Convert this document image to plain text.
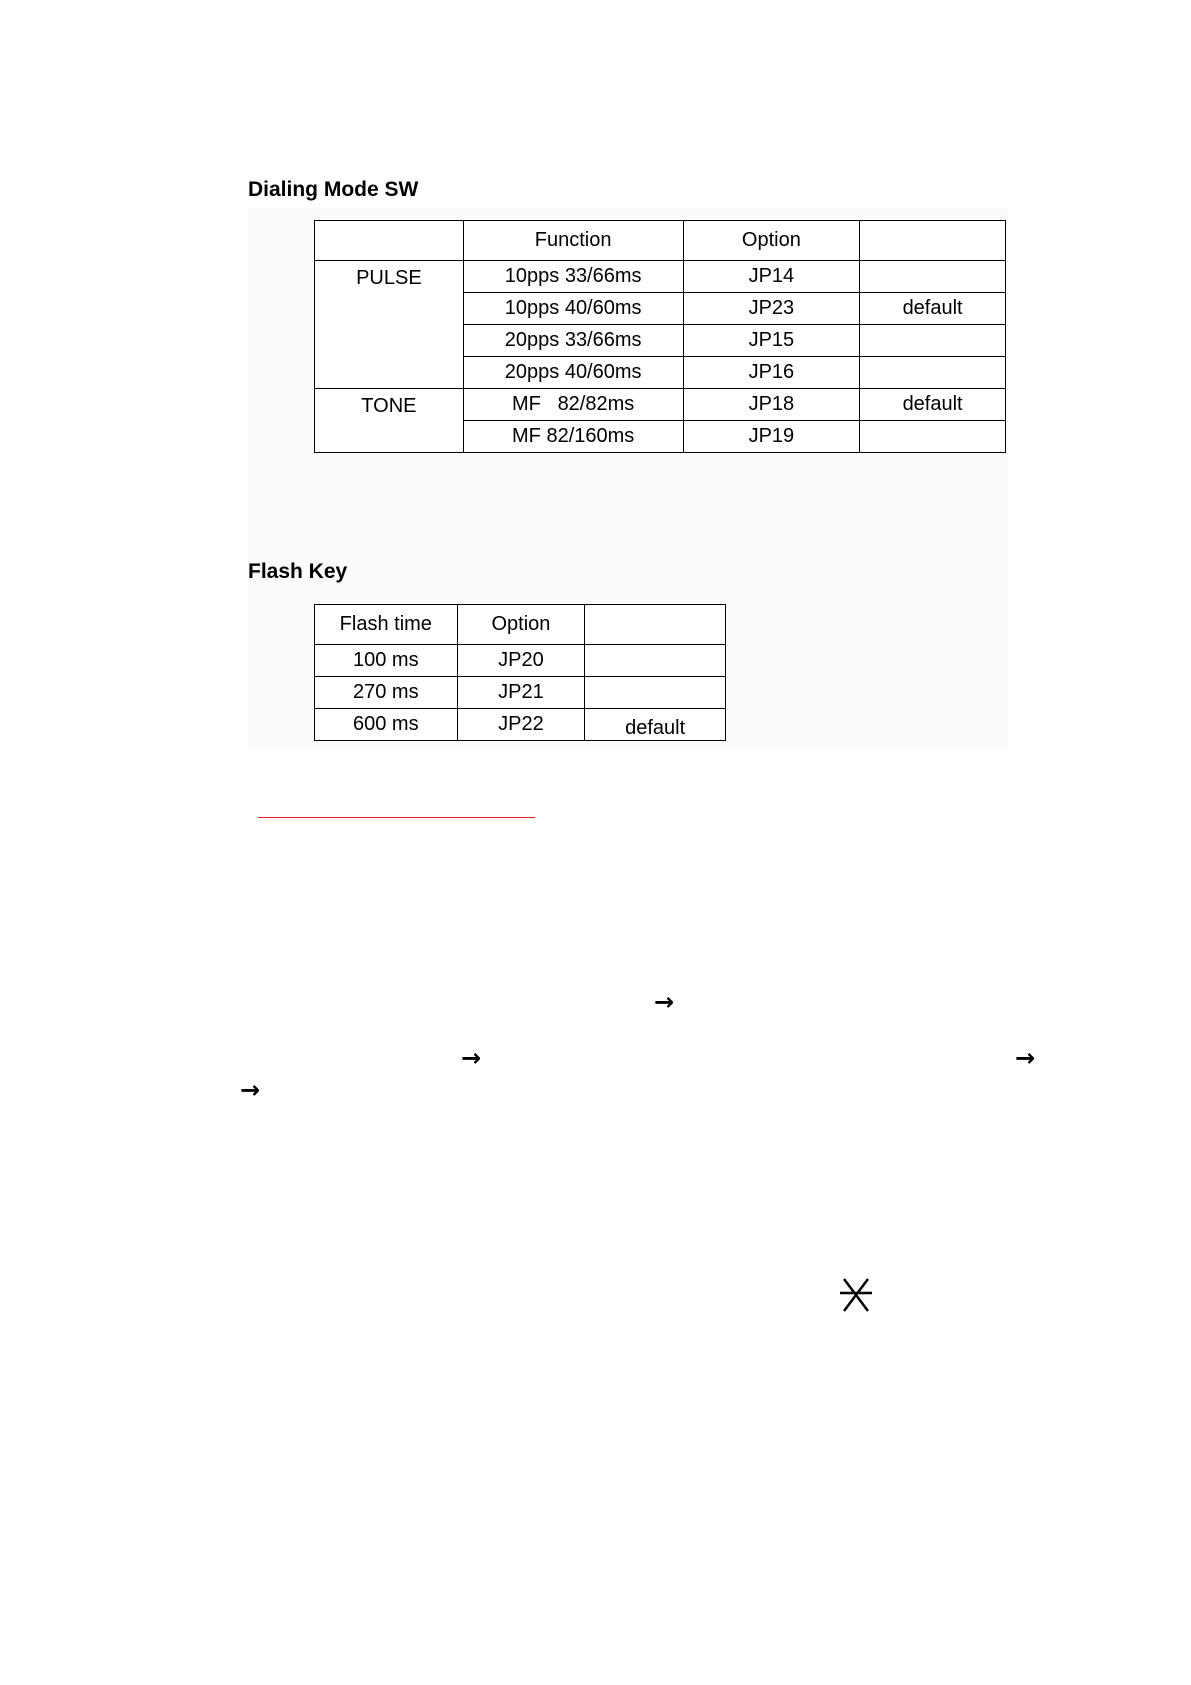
Dialing Mode SW
	Function	Option	
PULSE	10pps 33/66ms	JP14	
	10pps 40/60ms	JP23	default
	20pps 33/66ms	JP15	
	20pps 40/60ms	JP16	
TONE	MF   82/82ms	JP18	default
	MF 82/160ms	JP19	
Flash Key
Flash time	Option	
100 ms	JP20	
270 ms	JP21	
600 ms	JP22	default
→
→	→
→
